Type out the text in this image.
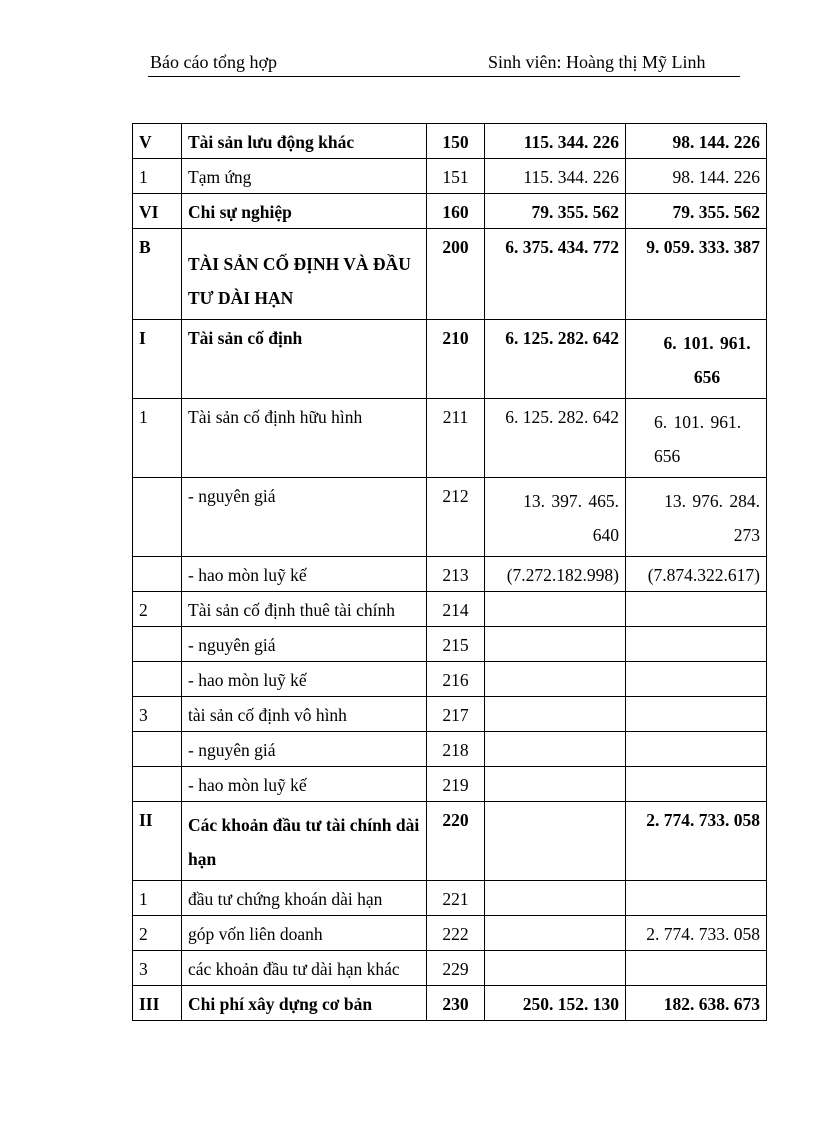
Báo cáo tổng hợp	Sinh viên: Hoàng thị Mỹ Linh
V	Tài sản lưu động khác	150	115. 344. 226	98. 144. 226
1	Tạm ứng	151	115. 344. 226	98. 144. 226
VI	Chi sự nghiệp	160	79. 355. 562	79. 355. 562
B	TÀI SẢN CỐ ĐỊNH VÀ ĐẦU TƯ DÀI HẠN	200	6. 375. 434. 772	9. 059. 333. 387
I	Tài sản cố định	210	6. 125. 282. 642	6. 101. 961. 656
1	Tài sản cố định hữu hình	211	6. 125. 282. 642	6. 101. 961. 656
	- nguyên giá	212	13. 397. 465. 640	13. 976. 284. 273
	- hao mòn luỹ kế	213	(7.272.182.998)	(7.874.322.617)
2	Tài sản cố định thuê tài chính	214		
	- nguyên giá	215		
	- hao mòn luỹ kế	216		
3	tài sản cố định vô hình	217		
	- nguyên giá	218		
	- hao mòn luỹ kế	219		
II	Các khoản đầu tư tài chính dài hạn	220		2. 774. 733. 058
1	đầu tư chứng khoán dài hạn	221		
2	góp vốn liên doanh	222		2. 774. 733. 058
3	các khoản đầu tư dài hạn khác	229		
III	Chi phí xây dựng cơ bản	230	250. 152. 130	182. 638. 673
